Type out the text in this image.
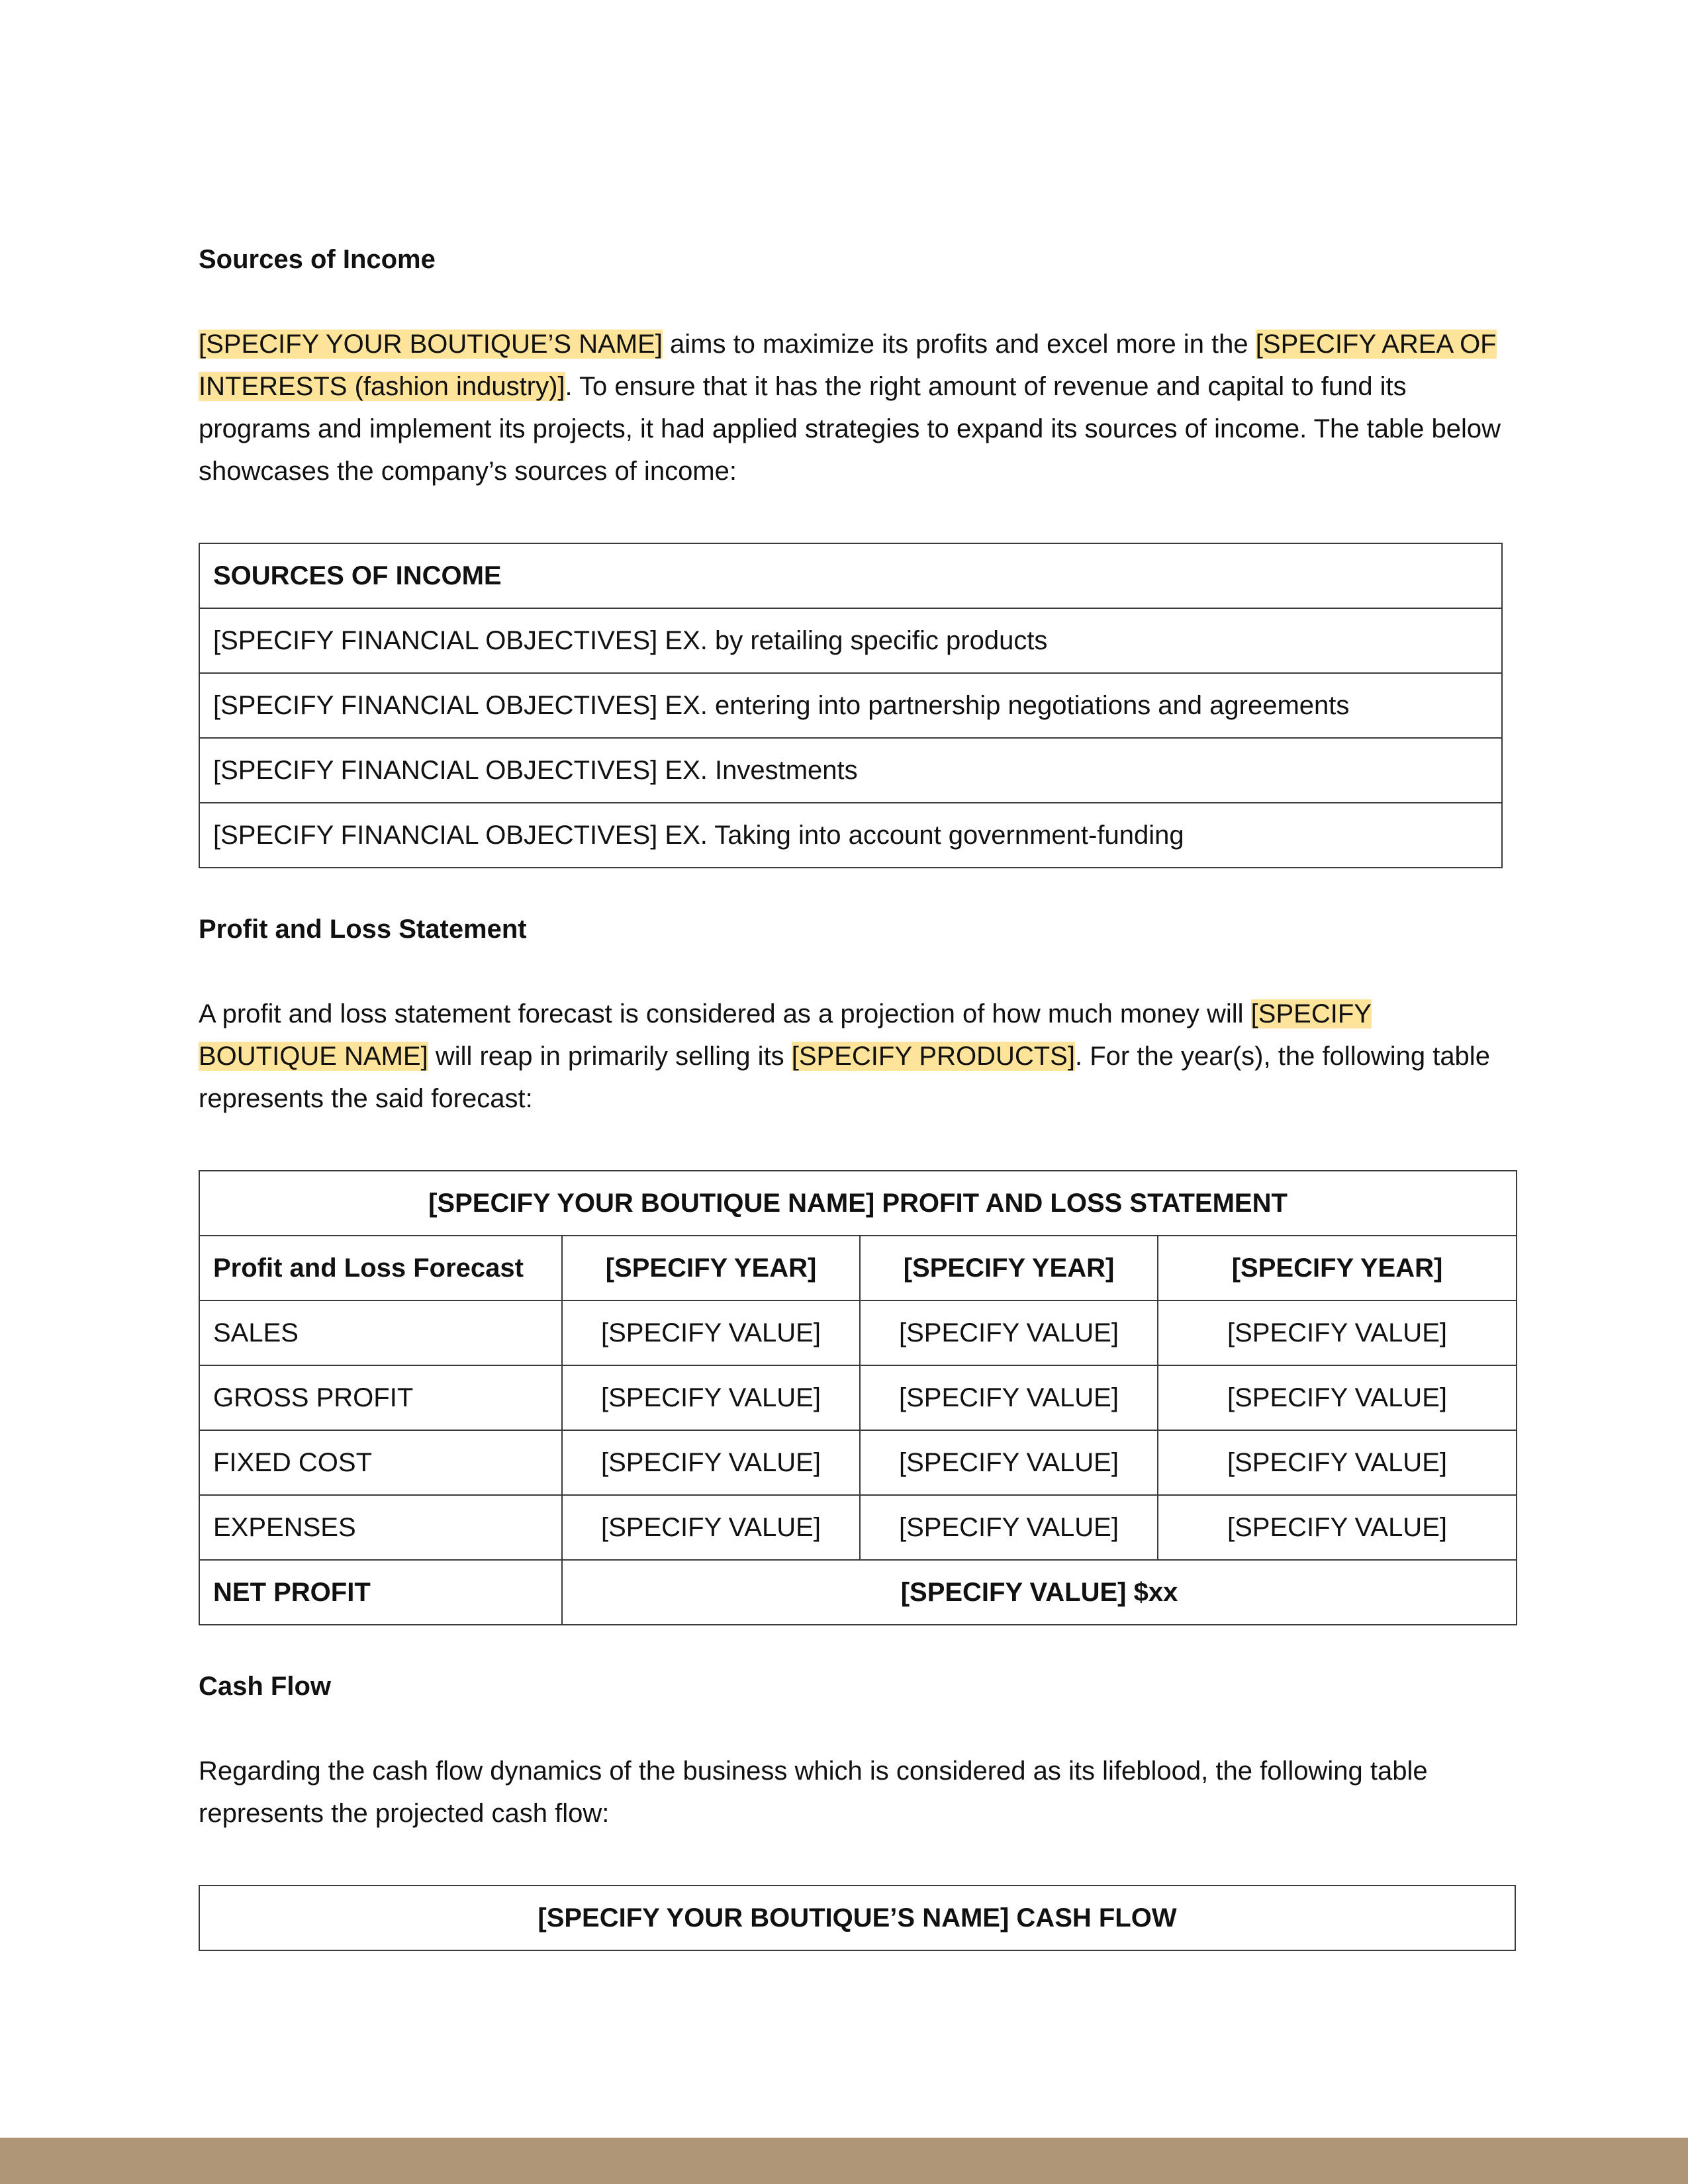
Sources of Income

[SPECIFY YOUR BOUTIQUE’S NAME] aims to maximize its profits and excel more in the [SPECIFY AREA OF INTERESTS (fashion industry)]. To ensure that it has the right amount of revenue and capital to fund its programs and implement its projects, it had applied strategies to expand its sources of income. The table below showcases the company’s sources of income:

SOURCES OF INCOME
[SPECIFY FINANCIAL OBJECTIVES] EX. by retailing specific products
[SPECIFY FINANCIAL OBJECTIVES] EX. entering into partnership negotiations and agreements
[SPECIFY FINANCIAL OBJECTIVES] EX. Investments
[SPECIFY FINANCIAL OBJECTIVES] EX. Taking into account government-funding

Profit and Loss Statement

A profit and loss statement forecast is considered as a projection of how much money will [SPECIFY BOUTIQUE NAME] will reap in primarily selling its [SPECIFY PRODUCTS]. For the year(s), the following table represents the said forecast:

[SPECIFY YOUR BOUTIQUE NAME] PROFIT AND LOSS STATEMENT			
Profit and Loss Forecast	[SPECIFY YEAR]	[SPECIFY YEAR]	[SPECIFY YEAR]
SALES	[SPECIFY VALUE]	[SPECIFY VALUE]	[SPECIFY VALUE]
GROSS PROFIT	[SPECIFY VALUE]	[SPECIFY VALUE]	[SPECIFY VALUE]
FIXED COST	[SPECIFY VALUE]	[SPECIFY VALUE]	[SPECIFY VALUE]
EXPENSES	[SPECIFY VALUE]	[SPECIFY VALUE]	[SPECIFY VALUE]
NET PROFIT	[SPECIFY VALUE] $xx		

Cash Flow

Regarding the cash flow dynamics of the business which is considered as its lifeblood, the following table represents the projected cash flow:

[SPECIFY YOUR BOUTIQUE’S NAME] CASH FLOW
